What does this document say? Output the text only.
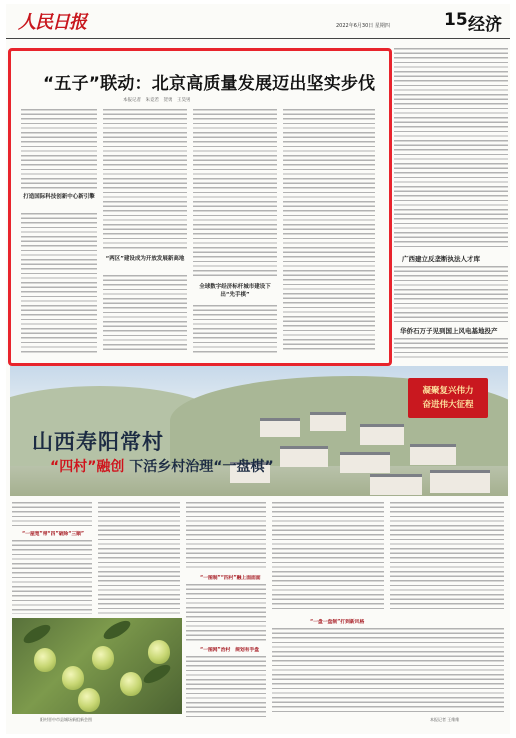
人民日报	2022年6月30日 星期四	15 经济
“五子”联动：北京高质量发展迈出坚实步伐
本报记者　朱竞若　贺勇　王昊男
打造国际科技创新中心新引擎
“两区”建设成为开放发展新高地
全球数字经济标杆城市建设下出“先手棋”
广西建立反垄断执法人才库
华侨石万子见到国上风电基地投产
凝聚复兴伟力
奋进伟大征程
山西寿阳常村
“四村”融创 下活乡村治理“一盘棋”
“一屋宽”带“四”破除“三顺”
阳村晋中市县城场新组新会图
“一图制”“四村”融上面面面
“一图网”治村　规划有手盘
“一盘一盘制”打到新风格
本报记者 王维维
